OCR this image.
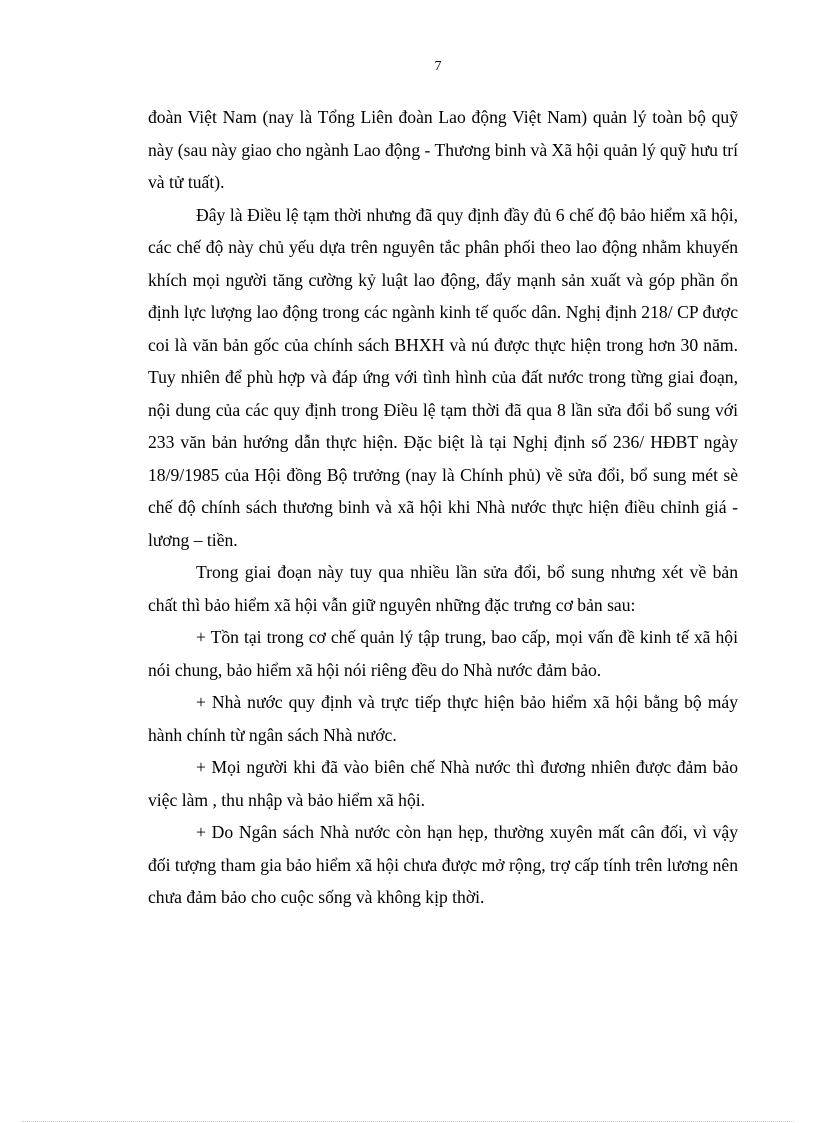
7

đoàn Việt Nam (nay là Tổng Liên đoàn Lao động Việt Nam) quản lý toàn bộ quỹ này (sau này giao cho ngành Lao động - Thương binh và Xã hội quản lý quỹ hưu trí và tử tuất).

Đây là Điều lệ tạm thời nhưng đã quy định đầy đủ 6 chế độ bảo hiểm xã hội, các chế độ này chủ yếu dựa trên nguyên tắc phân phối theo lao động nhằm khuyến khích mọi người tăng cường kỷ luật lao động, đẩy mạnh sản xuất và góp phần ổn định lực lượng lao động trong các ngành kinh tế quốc dân. Nghị định 218/ CP được coi là văn bản gốc của chính sách BHXH và nú được thực hiện trong hơn 30 năm. Tuy nhiên để phù hợp và đáp ứng với tình hình của đất nước trong từng giai đoạn, nội dung của các quy định trong Điều lệ tạm thời đã qua 8 lần sửa đổi bổ sung với 233 văn bản hướng dẫn thực hiện. Đặc biệt là tại Nghị định số 236/ HĐBT ngày 18/9/1985 của Hội đồng Bộ trưởng (nay là Chính phủ) về sửa đổi, bổ sung mét sè chế độ chính sách thương binh và xã hội khi Nhà nước thực hiện điều chỉnh giá - lương – tiền.

Trong giai đoạn này tuy qua nhiều lần sửa đổi, bổ sung nhưng xét về bản chất thì bảo hiểm xã hội vẫn giữ nguyên những đặc trưng cơ bản sau:

+ Tồn tại trong cơ chế quản lý tập trung, bao cấp, mọi vấn đề kinh tế xã hội nói chung, bảo hiểm xã hội nói riêng đều do Nhà nước đảm bảo.

+ Nhà nước quy định và trực tiếp thực hiện bảo hiểm xã hội bằng bộ máy hành chính từ ngân sách Nhà nước.

+ Mọi người khi đã vào biên chế Nhà nước thì đương nhiên được đảm bảo việc làm , thu nhập và bảo hiểm xã hội.

+ Do Ngân sách Nhà nước còn hạn hẹp, thường xuyên mất cân đối, vì vậy đối tượng tham gia bảo hiểm xã hội chưa được mở rộng, trợ cấp tính trên lương nên chưa đảm bảo cho cuộc sống và không kịp thời.
